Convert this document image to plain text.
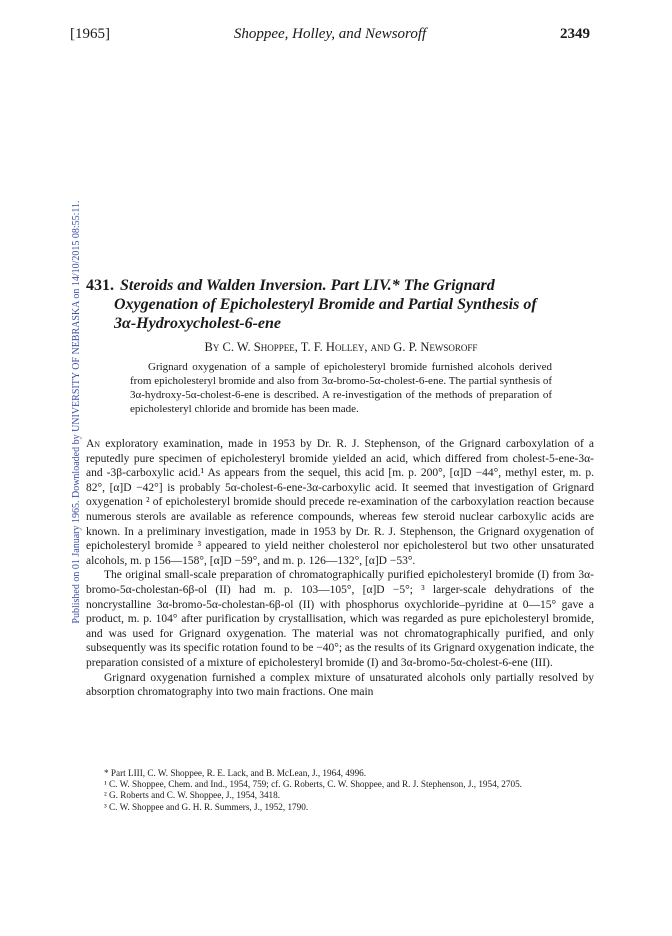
Published on 01 January 1965. Downloaded by UNIVERSITY OF NEBRASKA on 14/10/2015 08:55:11.
[1965]	Shoppee, Holley, and Newsoroff	2349
431. Steroids and Walden Inversion. Part LIV.* The Grignard
Oxygenation of Epicholesteryl Bromide and Partial Synthesis of
3α-Hydroxycholest-6-ene
By C. W. Shoppee, T. F. Holley, and G. P. Newsoroff
Grignard oxygenation of a sample of epicholesteryl bromide furnished alcohols derived from epicholesteryl bromide and also from 3α-bromo-5α-cholest-6-ene. The partial synthesis of 3α-hydroxy-5α-cholest-6-ene is described. A re-investigation of the methods of preparation of epicholesteryl chloride and bromide has been made.

An exploratory examination, made in 1953 by Dr. R. J. Stephenson, of the Grignard carboxylation of a reputedly pure specimen of epicholesteryl bromide yielded an acid, which differed from cholest-5-ene-3α- and -3β-carboxylic acid.¹ As appears from the sequel, this acid [m. p. 200°, [α]D −44°, methyl ester, m. p. 82°, [α]D −42°] is probably 5α-cholest-6-ene-3α-carboxylic acid. It seemed that investigation of Grignard oxygenation ² of epicholesteryl bromide should precede re-examination of the carboxylation reaction because numerous sterols are available as reference compounds, whereas few steroid nuclear carboxylic acids are known. In a preliminary investigation, made in 1953 by Dr. R. J. Stephenson, the Grignard oxygenation of epicholesteryl bromide ³ appeared to yield neither cholesterol nor epicholesterol but two other unsaturated alcohols, m. p 156—158°, [α]D −59°, and m. p. 126—132°, [α]D −53°.

The original small-scale preparation of chromatographically purified epicholesteryl bromide (I) from 3α-bromo-5α-cholestan-6β-ol (II) had m. p. 103—105°, [α]D −5°; ³ larger-scale dehydrations of the noncrystalline 3α-bromo-5α-cholestan-6β-ol (II) with phosphorus oxychloride–pyridine at 0—15° gave a product, m. p. 104° after purification by crystallisation, which was regarded as pure epicholesteryl bromide, and was used for Grignard oxygenation. The material was not chromatographically purified, and only subsequently was its specific rotation found to be −40°; as the results of its Grignard oxygenation indicate, the preparation consisted of a mixture of epicholesteryl bromide (I) and 3α-bromo-5α-cholest-6-ene (III).

Grignard oxygenation furnished a complex mixture of unsaturated alcohols only partially resolved by absorption chromatography into two main fractions. One main

* Part LIII, C. W. Shoppee, R. E. Lack, and B. McLean, J., 1964, 4996.
¹ C. W. Shoppee, Chem. and Ind., 1954, 759; cf. G. Roberts, C. W. Shoppee, and R. J. Stephenson, J., 1954, 2705.
² G. Roberts and C. W. Shoppee, J., 1954, 3418.
³ C. W. Shoppee and G. H. R. Summers, J., 1952, 1790.
